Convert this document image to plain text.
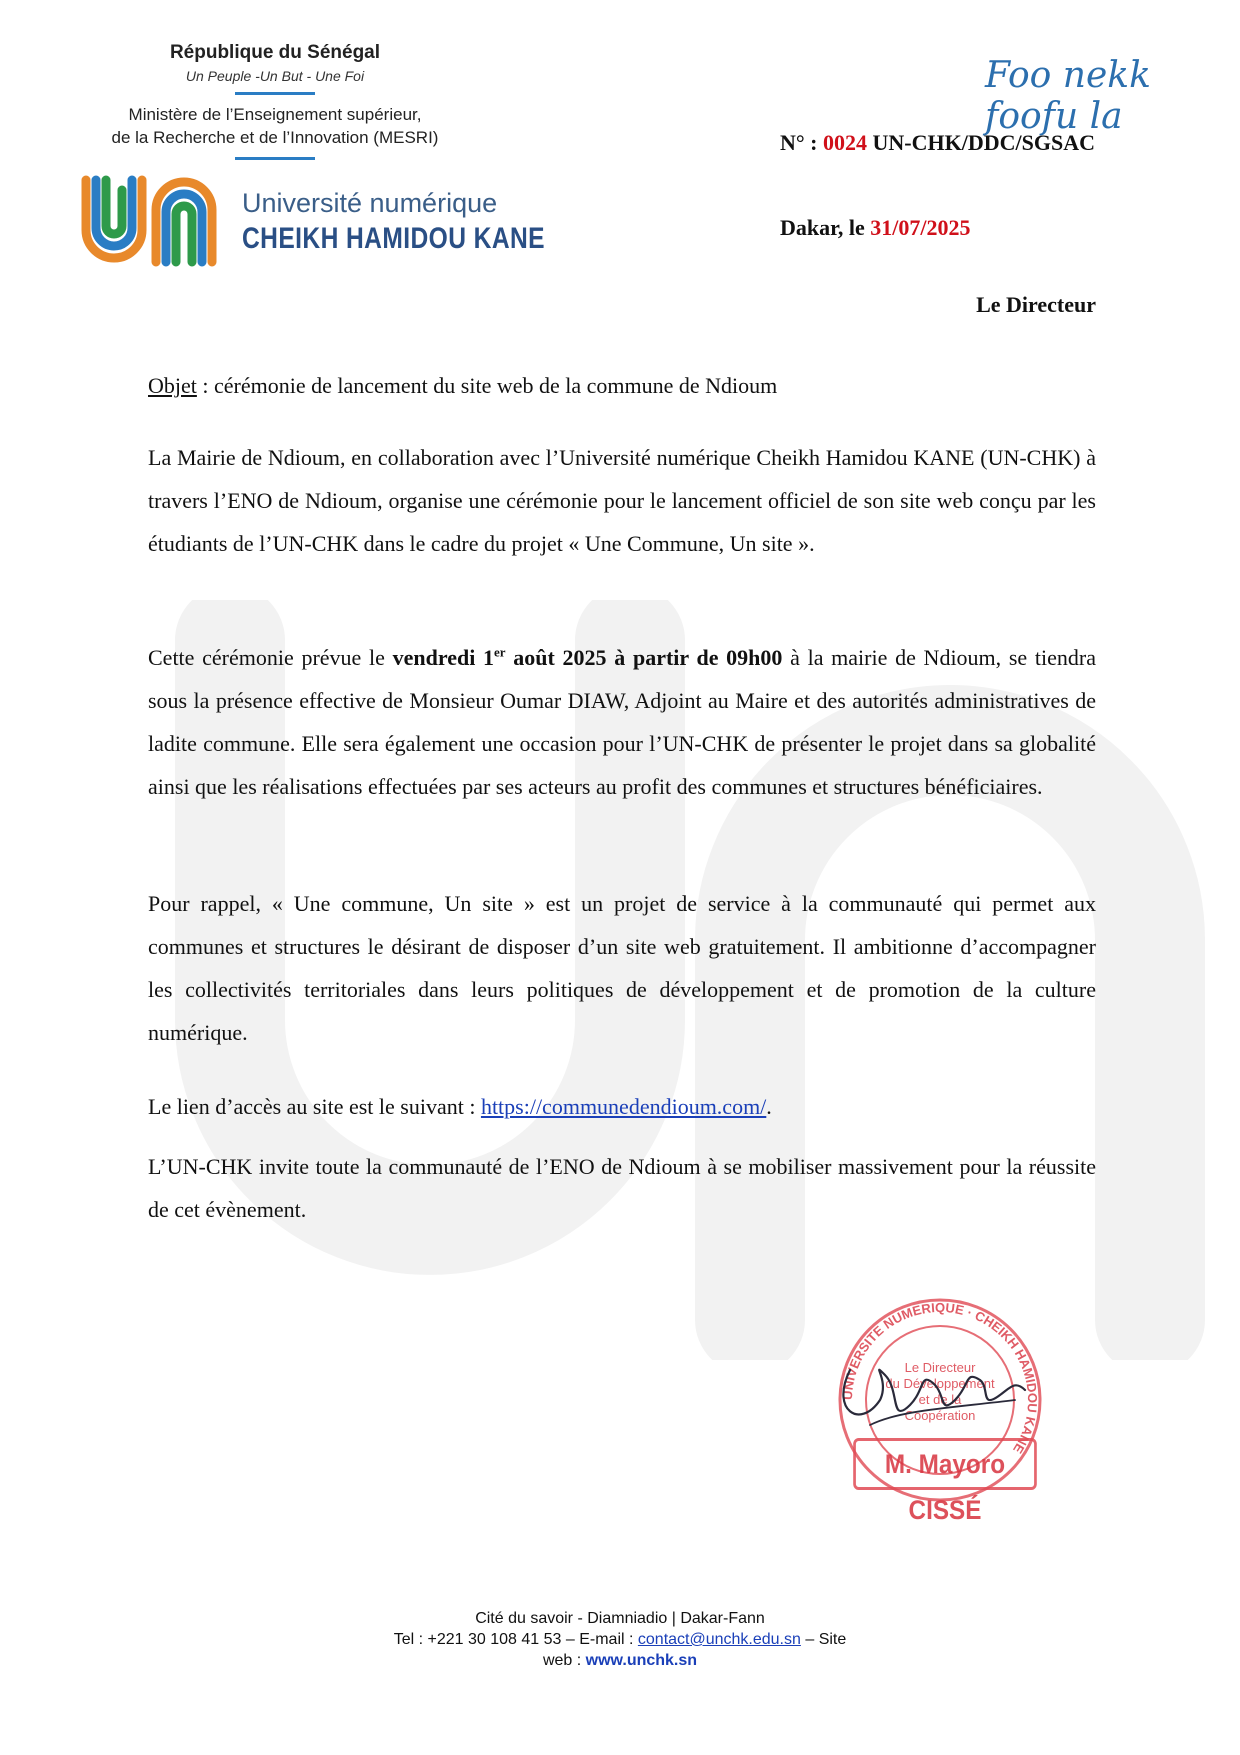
République du Sénégal
Un Peuple -Un But - Une Foi
Ministère de l’Enseignement supérieur,
de la Recherche et de l’Innovation (MESRI)
Université numérique
CHEIKH HAMIDOU KANE
Foo nekk foofu la
N° : 0024 UN-CHK/DDC/SGSAC
Dakar, le 31/07/2025
Le Directeur
Objet : cérémonie de lancement du site web de la commune de Ndioum
La Mairie de Ndioum, en collaboration avec l’Université numérique Cheikh Hamidou KANE (UN-CHK) à travers l’ENO de Ndioum, organise une cérémonie pour le lancement officiel de son site web conçu par les étudiants de l’UN-CHK dans le cadre du projet « Une Commune, Un site ».
Cette cérémonie prévue le vendredi 1er août 2025 à partir de 09h00 à la mairie de Ndioum, se tiendra sous la présence effective de Monsieur Oumar DIAW, Adjoint au Maire et des autorités administratives de ladite commune. Elle sera également une occasion pour l’UN-CHK de présenter le projet dans sa globalité ainsi que les réalisations effectuées par ses acteurs au profit des communes et structures bénéficiaires.
Pour rappel, « Une commune, Un site » est un projet de service à la communauté qui permet aux communes et structures le désirant de disposer d’un site web gratuitement. Il ambitionne d’accompagner les collectivités territoriales dans leurs politiques de développement et de promotion de la culture numérique.
Le lien d’accès au site est le suivant : https://communedendioum.com/.
L’UN-CHK invite toute la communauté de l’ENO de Ndioum à se mobiliser massivement pour la réussite de cet évènement.
UNIVERSITE NUMERIQUE · CHEIKH HAMIDOU KANE
Le Directeur
du Développement
et de la
Coopération
M. Mayoro CISSÉ
Cité du savoir - Diamniadio | Dakar-Fann
Tel : +221 30 108 41 53 – E-mail : contact@unchk.edu.sn – Site
web : www.unchk.sn
